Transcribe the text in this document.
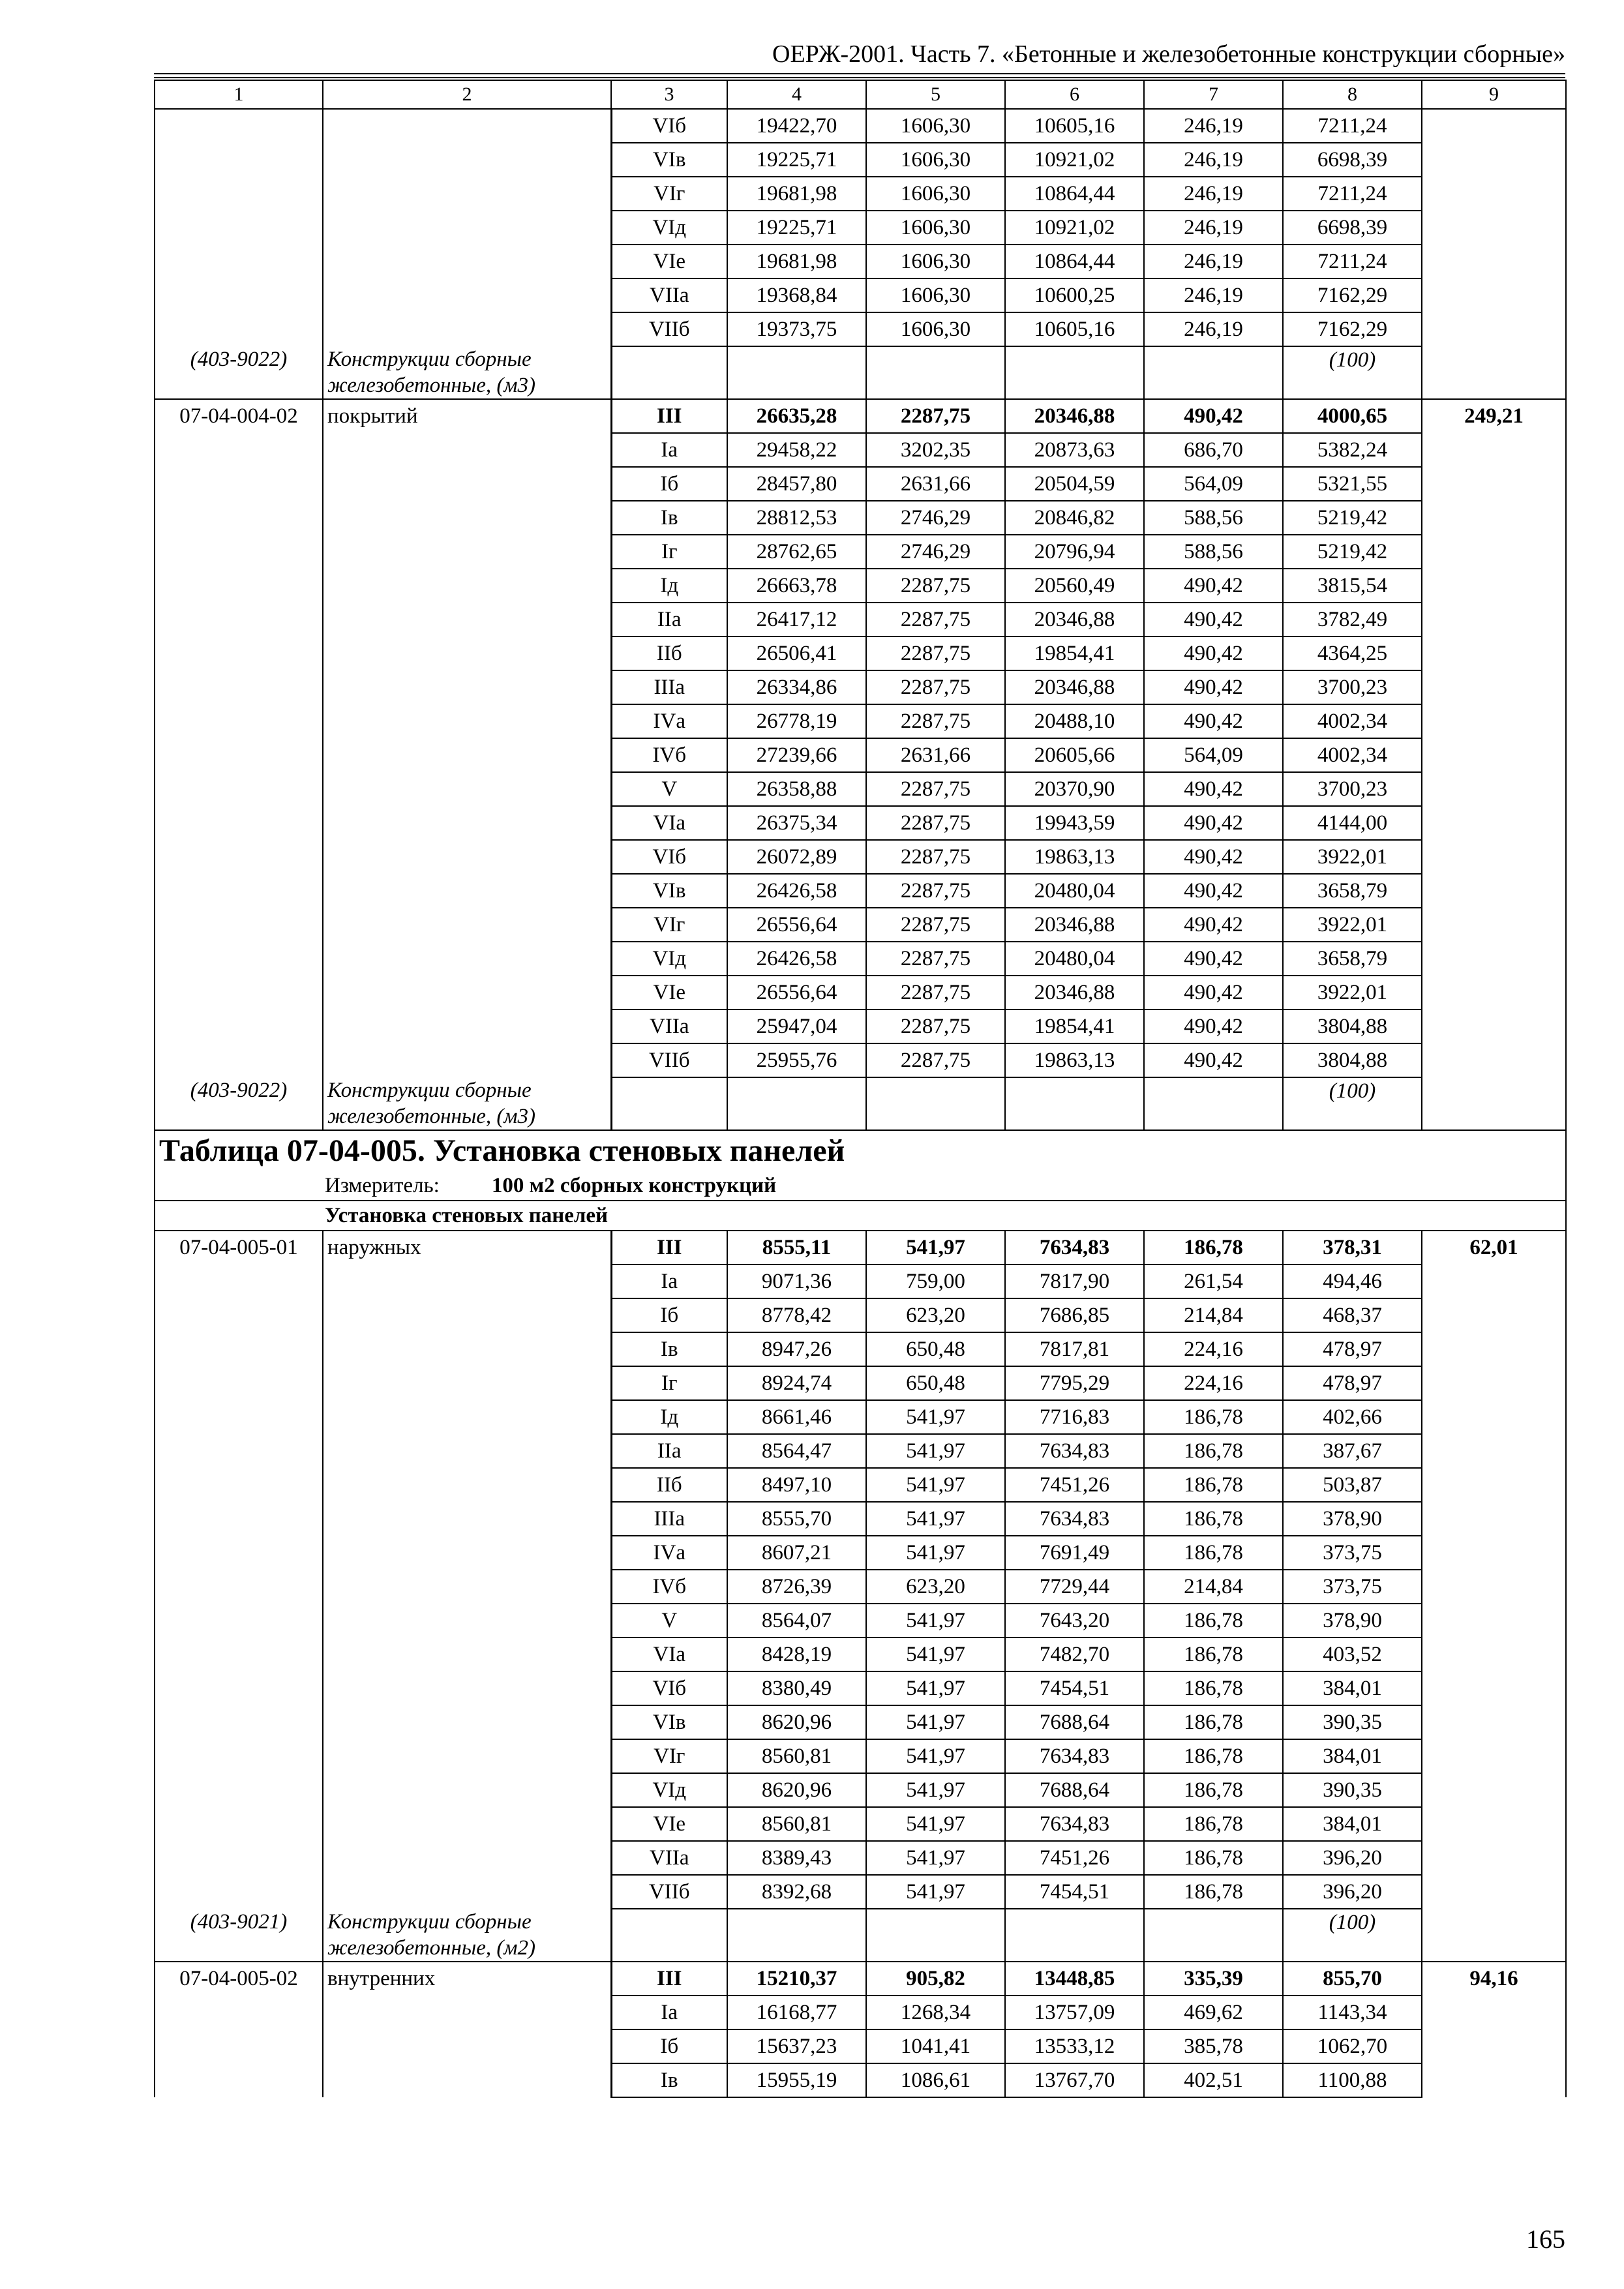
ОЕРЖ-2001. Часть 7. «Бетонные и железобетонные конструкции сборные»
1	2	3	4	5	6	7	8	9
		VIб	19422,70	1606,30	10605,16	246,19	7211,24	
		VIв	19225,71	1606,30	10921,02	246,19	6698,39	
		VIг	19681,98	1606,30	10864,44	246,19	7211,24	
		VIд	19225,71	1606,30	10921,02	246,19	6698,39	
		VIе	19681,98	1606,30	10864,44	246,19	7211,24	
		VIIа	19368,84	1606,30	10600,25	246,19	7162,29	
		VIIб	19373,75	1606,30	10605,16	246,19	7162,29	
(403-9022)	Конструкции сборные железобетонные, (м3)						(100)	
07-04-004-02	покрытий	III	26635,28	2287,75	20346,88	490,42	4000,65	249,21
		Iа	29458,22	3202,35	20873,63	686,70	5382,24	
		Iб	28457,80	2631,66	20504,59	564,09	5321,55	
		Iв	28812,53	2746,29	20846,82	588,56	5219,42	
		Iг	28762,65	2746,29	20796,94	588,56	5219,42	
		Iд	26663,78	2287,75	20560,49	490,42	3815,54	
		IIа	26417,12	2287,75	20346,88	490,42	3782,49	
		IIб	26506,41	2287,75	19854,41	490,42	4364,25	
		IIIа	26334,86	2287,75	20346,88	490,42	3700,23	
		IVа	26778,19	2287,75	20488,10	490,42	4002,34	
		IVб	27239,66	2631,66	20605,66	564,09	4002,34	
		V	26358,88	2287,75	20370,90	490,42	3700,23	
		VIа	26375,34	2287,75	19943,59	490,42	4144,00	
		VIб	26072,89	2287,75	19863,13	490,42	3922,01	
		VIв	26426,58	2287,75	20480,04	490,42	3658,79	
		VIг	26556,64	2287,75	20346,88	490,42	3922,01	
		VIд	26426,58	2287,75	20480,04	490,42	3658,79	
		VIе	26556,64	2287,75	20346,88	490,42	3922,01	
		VIIа	25947,04	2287,75	19854,41	490,42	3804,88	
		VIIб	25955,76	2287,75	19863,13	490,42	3804,88	
(403-9022)	Конструкции сборные железобетонные, (м3)						(100)	
Таблица 07-04-005. Установка стеновых панелей								
Измеритель: 100 м2 сборных конструкций								
Установка стеновых панелей								
07-04-005-01	наружных	III	8555,11	541,97	7634,83	186,78	378,31	62,01
		Iа	9071,36	759,00	7817,90	261,54	494,46	
		Iб	8778,42	623,20	7686,85	214,84	468,37	
		Iв	8947,26	650,48	7817,81	224,16	478,97	
		Iг	8924,74	650,48	7795,29	224,16	478,97	
		Iд	8661,46	541,97	7716,83	186,78	402,66	
		IIа	8564,47	541,97	7634,83	186,78	387,67	
		IIб	8497,10	541,97	7451,26	186,78	503,87	
		IIIа	8555,70	541,97	7634,83	186,78	378,90	
		IVа	8607,21	541,97	7691,49	186,78	373,75	
		IVб	8726,39	623,20	7729,44	214,84	373,75	
		V	8564,07	541,97	7643,20	186,78	378,90	
		VIа	8428,19	541,97	7482,70	186,78	403,52	
		VIб	8380,49	541,97	7454,51	186,78	384,01	
		VIв	8620,96	541,97	7688,64	186,78	390,35	
		VIг	8560,81	541,97	7634,83	186,78	384,01	
		VIд	8620,96	541,97	7688,64	186,78	390,35	
		VIе	8560,81	541,97	7634,83	186,78	384,01	
		VIIа	8389,43	541,97	7451,26	186,78	396,20	
		VIIб	8392,68	541,97	7454,51	186,78	396,20	
(403-9021)	Конструкции сборные железобетонные, (м2)						(100)	
07-04-005-02	внутренних	III	15210,37	905,82	13448,85	335,39	855,70	94,16
		Iа	16168,77	1268,34	13757,09	469,62	1143,34	
		Iб	15637,23	1041,41	13533,12	385,78	1062,70	
		Iв	15955,19	1086,61	13767,70	402,51	1100,88	
165
